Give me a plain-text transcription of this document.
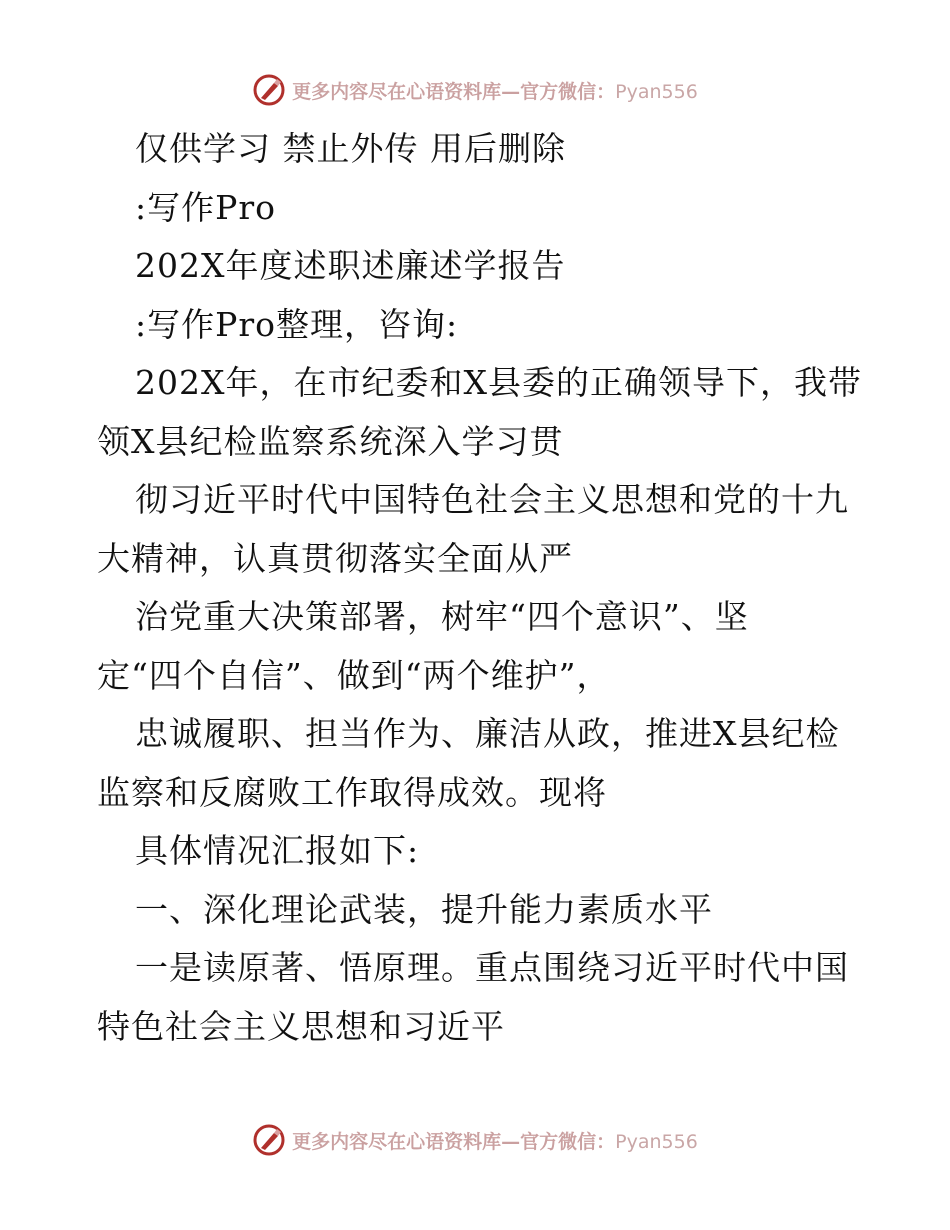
更多内容尽在心语资料库—官方微信：Pyan556
仅供学习 禁止外传 用后删除
:写作Pro
202X年度述职述廉述学报告
:写作Pro整理，咨询:
202X年，在市纪委和X县委的正确领导下，我带
领X县纪检监察系统深入学习贯
彻习近平时代中国特色社会主义思想和党的十九
大精神，认真贯彻落实全面从严
治党重大决策部署，树牢“四个意识”、坚
定“四个自信”、做到“两个维护”，
忠诚履职、担当作为、廉洁从政，推进X县纪检
监察和反腐败工作取得成效。现将
具体情况汇报如下:
一、深化理论武装，提升能力素质水平
一是读原著、悟原理。重点围绕习近平时代中国
特色社会主义思想和习近平
更多内容尽在心语资料库—官方微信：Pyan556
